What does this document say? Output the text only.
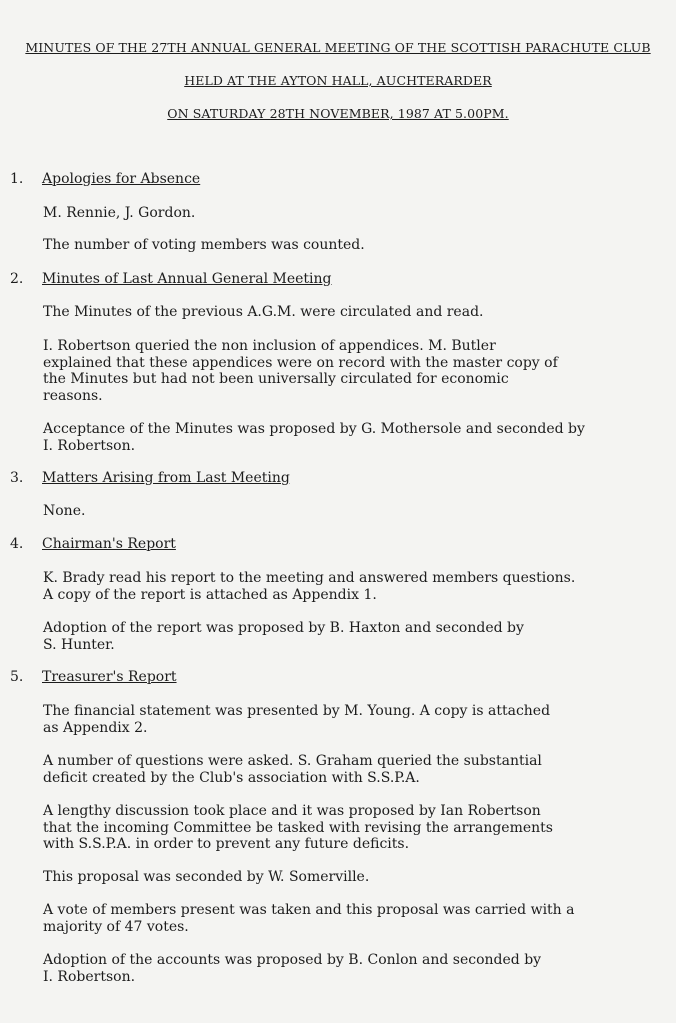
MINUTES OF THE 27TH ANNUAL GENERAL MEETING OF THE SCOTTISH PARACHUTE CLUB
HELD AT THE AYTON HALL, AUCHTERARDER
ON SATURDAY 28TH NOVEMBER, 1987 AT 5.00PM.
1. Apologies for Absence
M. Rennie, J. Gordon.
The number of voting members was counted.
2. Minutes of Last Annual General Meeting
The Minutes of the previous A.G.M. were circulated and read.
I. Robertson queried the non inclusion of appendices. M. Butler
explained that these appendices were on record with the master copy of
the Minutes but had not been universally circulated for economic
reasons.
Acceptance of the Minutes was proposed by G. Mothersole and seconded by
I. Robertson.
3. Matters Arising from Last Meeting
None.
4. Chairman's Report
K. Brady read his report to the meeting and answered members questions.
A copy of the report is attached as Appendix 1.
Adoption of the report was proposed by B. Haxton and seconded by
S. Hunter.
5. Treasurer's Report
The financial statement was presented by M. Young. A copy is attached
as Appendix 2.
A number of questions were asked. S. Graham queried the substantial
deficit created by the Club's association with S.S.P.A.
A lengthy discussion took place and it was proposed by Ian Robertson
that the incoming Committee be tasked with revising the arrangements
with S.S.P.A. in order to prevent any future deficits.
This proposal was seconded by W. Somerville.
A vote of members present was taken and this proposal was carried with a
majority of 47 votes.
Adoption of the accounts was proposed by B. Conlon and seconded by
I. Robertson.
